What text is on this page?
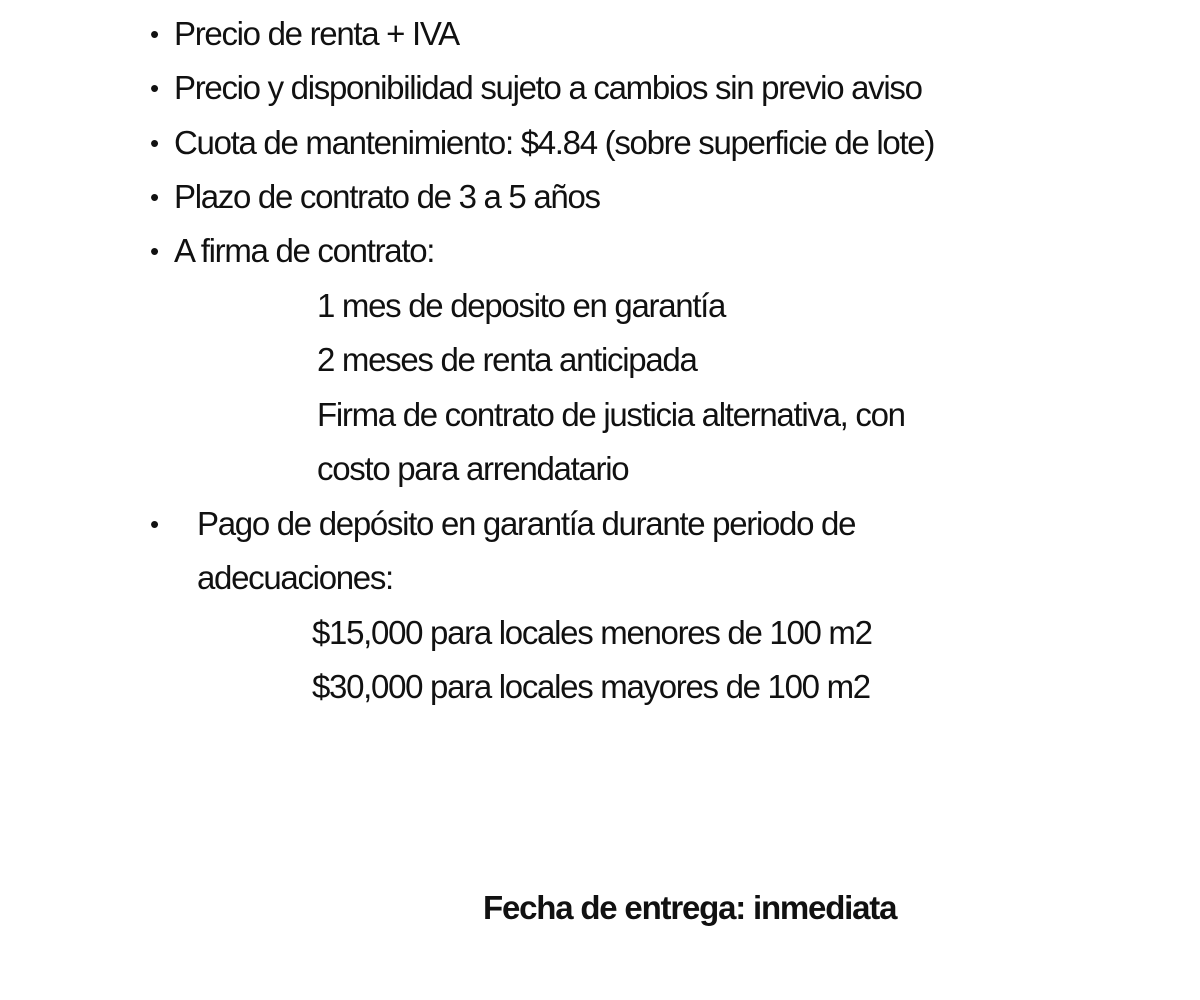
• Precio de renta + IVA
• Precio y disponibilidad sujeto a cambios sin previo aviso
• Cuota de mantenimiento: $4.84 (sobre superficie de lote)
• Plazo de contrato de 3 a 5 años
• A firma de contrato:
1 mes de deposito en garantía
2 meses de renta anticipada
Firma de contrato de justicia alternativa, con
costo para arrendatario
• Pago de depósito en garantía durante periodo de
adecuaciones:
$15,000 para locales menores de 100 m2
$30,000 para locales mayores de 100 m2
Fecha de entrega: inmediata
